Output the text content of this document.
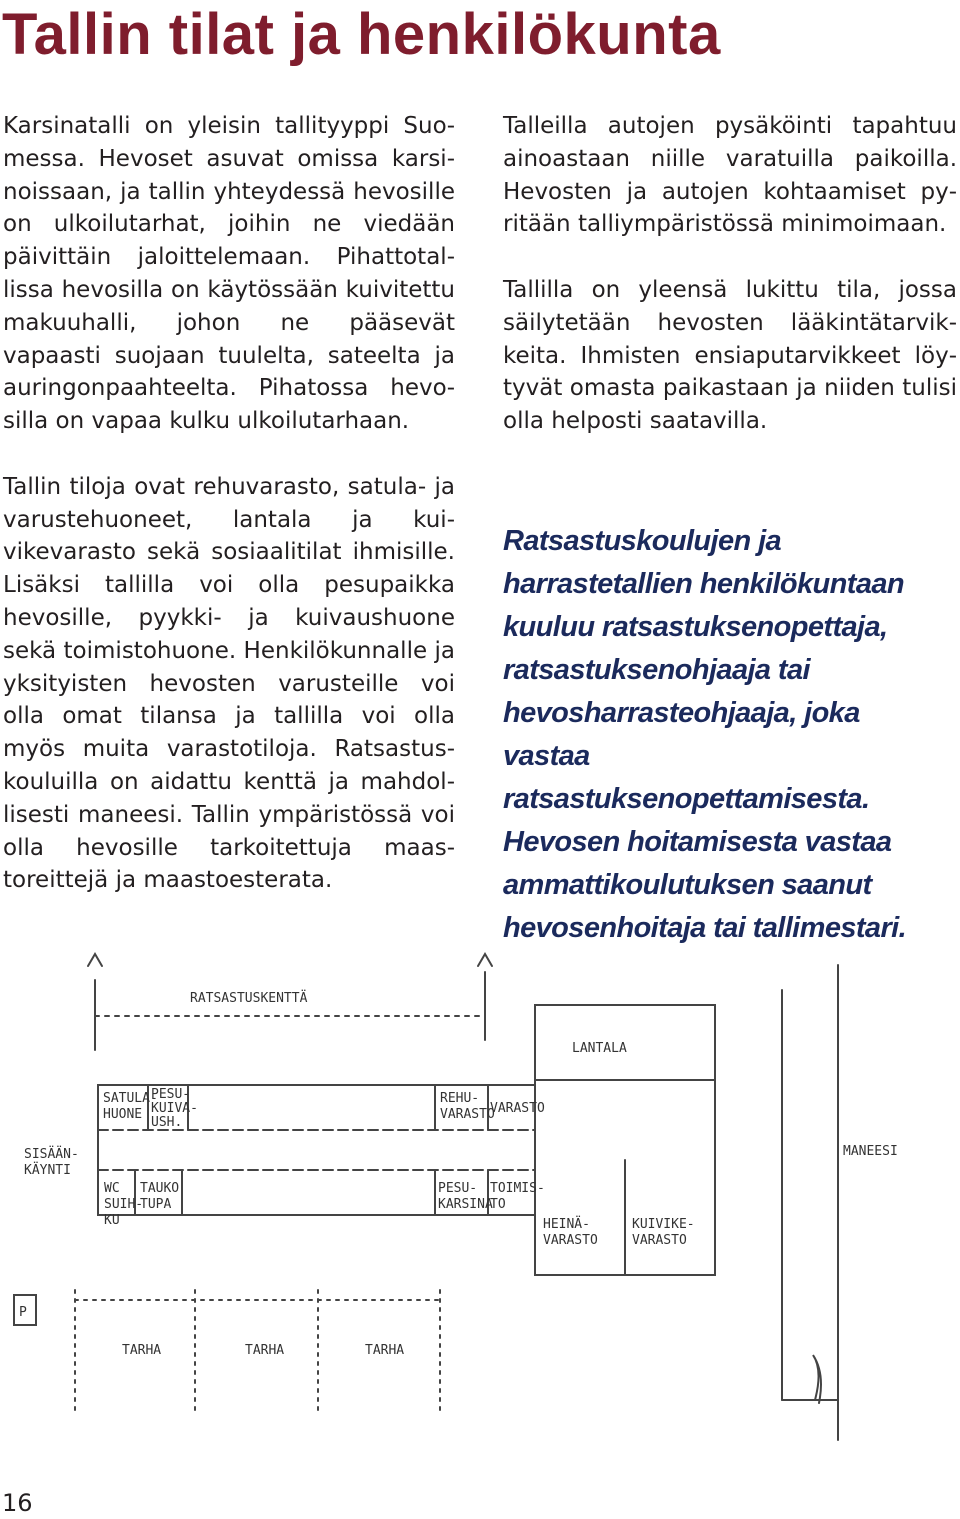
Tallin tilat ja henkilökunta

Karsinatalli on yleisin tallityyppi Suomessa. Hevoset asuvat omissa karsinoissaan, ja tallin yhteydessä hevosille on ulkoilutarhat, joihin ne viedään päivittäin jaloittelemaan. Pihattotallissa hevosilla on käytössään kuivitettu makuuhalli, johon ne pääsevät vapaasti suojaan tuulelta, sateelta ja auringonpaahteelta. Pihatossa hevosilla on vapaa kulku ulkoilutarhaan.

Tallin tiloja ovat rehuvarasto, satula- ja varustehuoneet, lantala ja kuivikevarasto sekä sosiaalitilat ihmisille. Lisäksi tallilla voi olla pesupaikka hevosille, pyykki- ja kuivaushuone sekä toimistohuone. Henkilökunnalle ja yksityisten hevosten varusteille voi olla omat tilansa ja tallilla voi olla myös muita varastotiloja. Ratsastuskouluilla on aidattu kenttä ja mahdollisesti maneesi. Tallin ympäristössä voi olla hevosille tarkoitettuja maastoreittejä ja maastoesterata.

Talleilla autojen pysäköinti tapahtuu ainoastaan niille varatuilla paikoilla. Hevosten ja autojen kohtaamiset pyritään talliympäristössä minimoimaan.

Tallilla on yleensä lukittu tila, jossa säilytetään hevosten lääkintätarvikkeita. Ihmisten ensiaputarvikkeet löytyvät omasta paikastaan ja niiden tulisi olla helposti saatavilla.

Ratsastuskoulujen ja harrastetallien henkilökuntaan kuuluu ratsastuksenopettaja, ratsastuksenohjaaja tai hevosharrasteohjaaja, joka vastaa ratsastuksenopettamisesta. Hevosen hoitamisesta vastaa ammattikoulutuksen saanut hevosenhoitaja tai tallimestari.

RATSASTUSKENTTÄ
LANTALA
SATULA-
HUONE
PESU-
KUIVA-
USH.
REHU-
VARASTO
VARASTO
SISÄÄN-
KÄYNTI
WC
SUIH-
KU
TAUKO
TUPA
PESU-
KARSINA
TOIMIS-
TO
HEINÄ-
VARASTO
KUIVIKE-
VARASTO
MANEESI
P
TARHA	TARHA	TARHA
16
